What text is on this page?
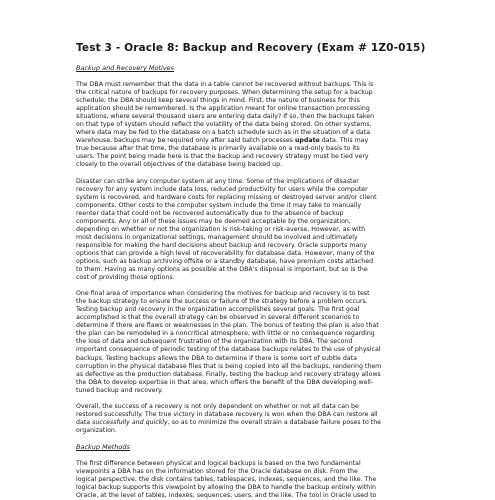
Test 3 - Oracle 8: Backup and Recovery (Exam # 1Z0-015)
Backup and Recovery Motives
The DBA must remember that the data in a table cannot be recovered without backups. This is
the critical nature of backups for recovery purposes. When determining the setup for a backup
schedule, the DBA should keep several things in mind. First, the nature of business for this
application should be remembered. Is the application meant for online transaction processing
situations, where several thousand users are entering data daily? If so, then the backups taken
on that type of system should reflect the volatility of the data being stored. On other systems,
where data may be fed to the database on a batch schedule such as in the situation of a data
warehouse, backups may be required only after said batch processes update data. This may
true because after that time, the database is primarily available on a read-only basis to its
users. The point being made here is that the backup and recovery strategy must be tied very
closely to the overall objectives of the database being backed up.
Disaster can strike any computer system at any time. Some of the implications of disaster
recovery for any system include data loss, reduced productivity for users while the computer
system is recovered, and hardware costs for replacing missing or destroyed server and/or client
components. Other costs to the computer system include the time it may take to manually
reenter data that could not be recovered automatically due to the absence of backup
components. Any or all of these issues may be deemed acceptable by the organization,
depending on whether or not the organization is risk-taking or risk-averse. However, as with
most decisions in organizational settings, management should be involved and ultimately
responsible for making the hard decisions about backup and recovery. Oracle supports many
options that can provide a high level of recoverability for database data. However, many of the
options, such as backup archiving offsite or a standby database, have premium costs attached
to them. Having as many options as possible at the DBA's disposal is important, but so is the
cost of providing those options.
One final area of importance when considering the motives for backup and recovery is to test
the backup strategy to ensure the success or failure of the strategy before a problem occurs.
Testing backup and recovery in the organization accomplishes several goals. The first goal
accomplished is that the overall strategy can be observed in several different scenarios to
determine if there are flaws or weaknesses in the plan. The bonus of testing the plan is also that
the plan can be remodeled in a noncritical atmosphere, with little or no consequence regarding
the loss of data and subsequent frustration of the organization with its DBA. The second
important consequence of periodic testing of the database backups relates to the use of physical
backups. Testing backups allows the DBA to determine if there is some sort of subtle data
corruption in the physical database files that is being copied into all the backups, rendering them
as defective as the production database. Finally, testing the backup and recovery strategy allows
the DBA to develop expertise in that area, which offers the benefit of the DBA developing well-
tuned backup and recovery.
Overall, the success of a recovery is not only dependent on whether or not all data can be
restored successfully. The true victory in database recovery is won when the DBA can restore all
data successfully and quickly, so as to minimize the overall strain a database failure poses to the
organization.
Backup Methods
The first difference between physical and logical backups is based on the two fundamental
viewpoints a DBA has on the information stored for the Oracle database on disk. From the
logical perspective, the disk contains tables, tablespaces, indexes, sequences, and the like. The
logical backup supports this viewpoint by allowing the DBA to handle the backup entirely within
Oracle, at the level of tables, indexes, sequences, users, and the like. The tool in Oracle used to
